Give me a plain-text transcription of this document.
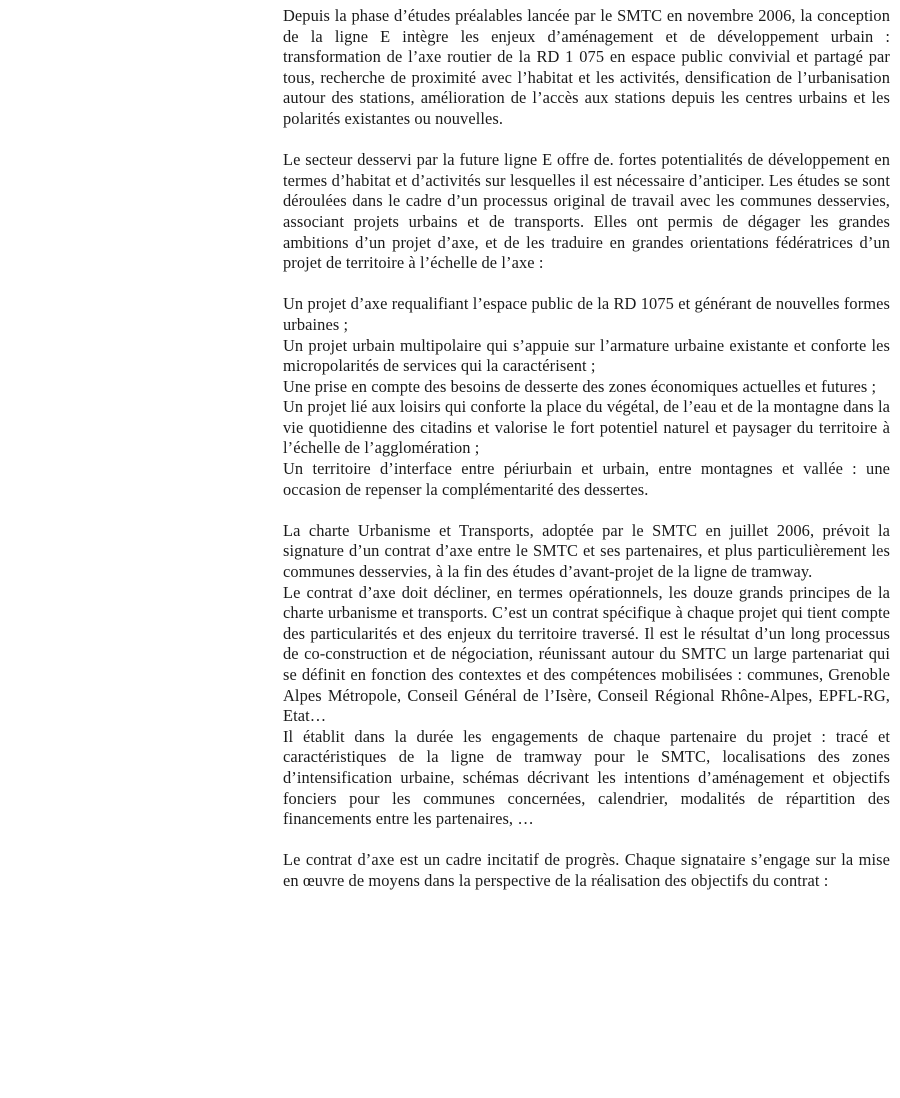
Depuis la phase d’études préalables lancée par le SMTC en novembre 2006, la conception de la ligne E intègre les enjeux d’aménagement et de développement urbain : transformation de l’axe routier de la RD 1 075 en espace public convivial et partagé par tous, recherche de proximité avec l’habitat et les activités, densification de l’urbanisation autour des stations, amélioration de l’accès aux stations depuis les centres urbains et les polarités existantes ou nouvelles.

Le secteur desservi par la future ligne E offre de. fortes potentialités de développement en termes d’habitat et d’activités sur lesquelles il est nécessaire d’anticiper. Les études se sont déroulées dans le cadre d’un processus original de travail avec les communes desservies, associant projets urbains et de transports. Elles ont permis de dégager les grandes ambitions d’un projet d’axe, et de les traduire en grandes orientations fédératrices d’un projet de territoire à l’échelle de l’axe :

Un projet d’axe requalifiant l’espace public de la RD 1075 et générant de nouvelles formes urbaines ;

Un projet urbain multipolaire qui s’appuie sur l’armature urbaine existante et conforte les micropolarités de services qui la caractérisent ;

Une prise en compte des besoins de desserte des zones économiques actuelles et futures ;

Un projet lié aux loisirs qui conforte la place du végétal, de l’eau et de la montagne dans la vie quotidienne des citadins et valorise le fort potentiel naturel et paysager du territoire à l’échelle de l’agglomération ;

Un territoire d’interface entre périurbain et urbain, entre montagnes et vallée : une occasion de repenser la complémentarité des dessertes.

La charte Urbanisme et Transports, adoptée par le SMTC en juillet 2006, prévoit la signature d’un contrat d’axe entre le SMTC et ses partenaires, et plus particulièrement les communes desservies, à la fin des études d’avant-projet de la ligne de tramway.

Le contrat d’axe doit décliner, en termes opérationnels, les douze grands principes de la charte urbanisme et transports. C’est un contrat spécifique à chaque projet qui tient compte des particularités et des enjeux du territoire traversé. Il est le résultat d’un long processus de co-construction et de négociation, réunissant autour du SMTC un large partenariat qui se définit en fonction des contextes et des compétences mobilisées : communes, Grenoble Alpes Métropole, Conseil Général de l’Isère, Conseil Régional Rhône-Alpes, EPFL-RG, Etat…

Il établit dans la durée les engagements de chaque partenaire du projet : tracé et caractéristiques de la ligne de tramway pour le SMTC, localisations des zones d’intensification urbaine, schémas décrivant les intentions d’aménagement et objectifs fonciers pour les communes concernées, calendrier, modalités de répartition des financements entre les partenaires, …

Le contrat d’axe est un cadre incitatif de progrès. Chaque signataire s’engage sur la mise en œuvre de moyens dans la perspective de la réalisation des objectifs du contrat :
